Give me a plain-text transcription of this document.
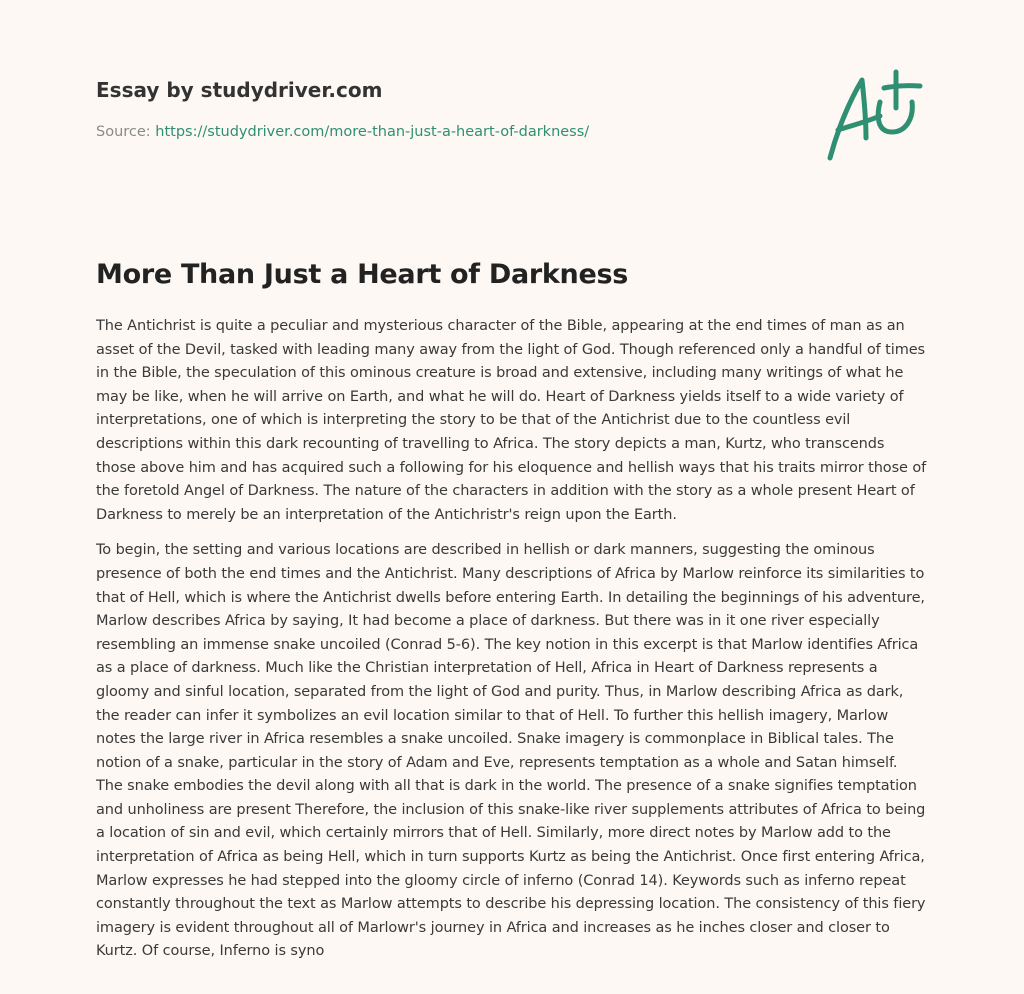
Essay by studydriver.com
Source: https://studydriver.com/more-than-just-a-heart-of-darkness/
More Than Just a Heart of Darkness

The Antichrist is quite a peculiar and mysterious character of the Bible, appearing at the end times of man as an asset of the Devil, tasked with leading many away from the light of God. Though referenced only a handful of times in the Bible, the speculation of this ominous creature is broad and extensive, including many writings of what he may be like, when he will arrive on Earth, and what he will do. Heart of Darkness yields itself to a wide variety of interpretations, one of which is interpreting the story to be that of the Antichrist due to the countless evil descriptions within this dark recounting of travelling to Africa. The story depicts a man, Kurtz, who transcends those above him and has acquired such a following for his eloquence and hellish ways that his traits mirror those of the foretold Angel of Darkness. The nature of the characters in addition with the story as a whole present Heart of Darkness to merely be an interpretation of the Antichristr's reign upon the Earth.

To begin, the setting and various locations are described in hellish or dark manners, suggesting the ominous presence of both the end times and the Antichrist. Many descriptions of Africa by Marlow reinforce its similarities to that of Hell, which is where the Antichrist dwells before entering Earth. In detailing the beginnings of his adventure, Marlow describes Africa by saying, It had become a place of darkness. But there was in it one river especially resembling an immense snake uncoiled (Conrad 5-6). The key notion in this excerpt is that Marlow identifies Africa as a place of darkness. Much like the Christian interpretation of Hell, Africa in Heart of Darkness represents a gloomy and sinful location, separated from the light of God and purity. Thus, in Marlow describing Africa as dark, the reader can infer it symbolizes an evil location similar to that of Hell. To further this hellish imagery, Marlow notes the large river in Africa resembles a snake uncoiled. Snake imagery is commonplace in Biblical tales. The notion of a snake, particular in the story of Adam and Eve, represents temptation as a whole and Satan himself. The snake embodies the devil along with all that is dark in the world. The presence of a snake signifies temptation and unholiness are present Therefore, the inclusion of this snake-like river supplements attributes of Africa to being a location of sin and evil, which certainly mirrors that of Hell. Similarly, more direct notes by Marlow add to the interpretation of Africa as being Hell, which in turn supports Kurtz as being the Antichrist. Once first entering Africa, Marlow expresses he had stepped into the gloomy circle of inferno (Conrad 14). Keywords such as inferno repeat constantly throughout the text as Marlow attempts to describe his depressing location. The consistency of this fiery imagery is evident throughout all of Marlowr's journey in Africa and increases as he inches closer and closer to Kurtz. Of course, Inferno is syno
